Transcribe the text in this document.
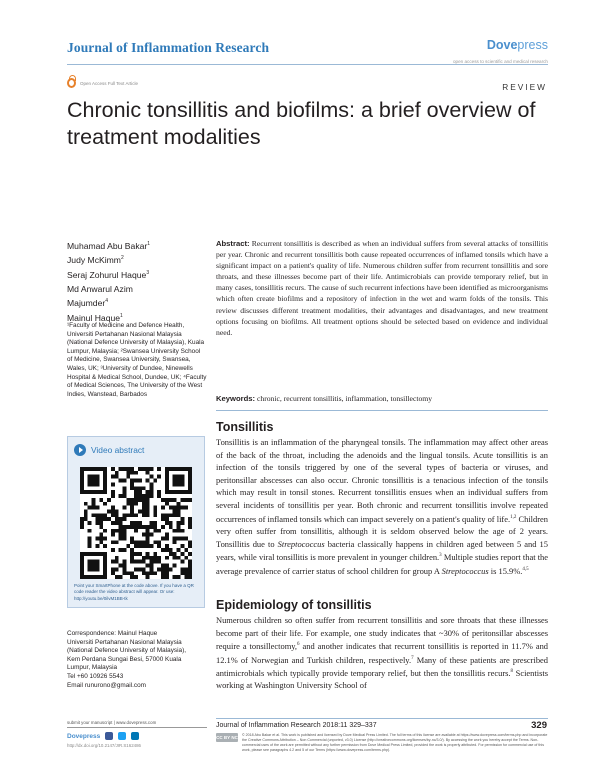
Journal of Inflammation Research	Dovepress
open access to scientific and medical research
Open Access Full Text Article	REVIEW
Chronic tonsillitis and biofilms: a brief overview of treatment modalities
Muhamad Abu Bakar$^1$
Judy McKimm$^2$
Seraj Zohurul Haque$^3$
Md Anwarul Azim
Majumder$^4$
Mainul Haque$^1$
¹Faculty of Medicine and Defence Health, Universiti Pertahanan Nasional Malaysia (National Defence University of Malaysia), Kuala Lumpur, Malaysia; ²Swansea University School of Medicine, Swansea University, Swansea, Wales, UK; ³University of Dundee, Ninewells Hospital & Medical School, Dundee, UK; ⁴Faculty of Medical Sciences, The University of the West Indies, Wanstead, Barbados
Video abstract
Point your SmartPhone at the code above. If you have a QR code reader the video abstract will appear. Or use: http://youtu.be/0ilvM1BB-tk
Correspondence: Mainul Haque
Universiti Pertahanan Nasional Malaysia
(National Defence University of Malaysia),
Kem Perdana Sungai Besi, 57000 Kuala
Lumpur, Malaysia
Tel +60 10926 5543
Email runurono@gmail.com
Abstract: Recurrent tonsillitis is described as when an individual suffers from several attacks of tonsillitis per year. Chronic and recurrent tonsillitis both cause repeated occurrences of inflamed tonsils which have a significant impact on a patient's quality of life. Numerous children suffer from recurrent tonsillitis and sore throats, and these illnesses become part of their life. Antimicrobials can provide temporary relief, but in many cases, tonsillitis recurs. The cause of such recurrent infections have been identified as microorganisms which often create biofilms and a repository of infection in the wet and warm folds of the tonsils. This review discusses different treatment modalities, their advantages and disadvantages, and new treatment options focusing on biofilms. All treatment options should be selected based on evidence and individual need.
Keywords: chronic, recurrent tonsillitis, inflammation, tonsillectomy
Tonsillitis
Tonsillitis is an inflammation of the pharyngeal tonsils. The inflammation may affect other areas of the back of the throat, including the adenoids and the lingual tonsils. Acute tonsillitis is an infection of the tonsils triggered by one of the several types of bacteria or viruses, and peritonsillar abscesses can also occur. Chronic tonsillitis is a tenacious infection of the tonsils which may result in tonsil stones. Recurrent tonsillitis ensues when an individual suffers from several incidents of tonsillitis per year. Both chronic and recurrent tonsillitis involve repeated occurrences of inflamed tonsils which can impact severely on a patient's quality of life.$^{1,2}$ Children very often suffer from tonsillitis, although it is seldom observed below the age of 2 years. Tonsillitis due to Streptococcus bacteria classically happens in children aged between 5 and 15 years, while viral tonsillitis is more prevalent in younger children.$^3$ Multiple studies report that the average prevalence of carrier status of school children for group A Streptococcus is 15.9%.$^{4,5}$
Epidemiology of tonsillitis
Numerous children so often suffer from recurrent tonsillitis and sore throats that these illnesses become part of their life. For example, one study indicates that ~30% of peritonsillar abscesses require a tonsillectomy,$^6$ and another indicates that recurrent tonsillitis is reported in 11.7% and 12.1% of Norwegian and Turkish children, respectively.$^7$ Many of these patients are prescribed antimicrobials which typically provide temporary relief, but then the tonsillitis recurs.$^8$ Scientists working at Washington University School of
submit your manuscript | www.dovepress.com
Dovepress
http://dx.doi.org/10.2147/JIR.S162486
Journal of Inflammation Research 2018:11 329–337	329
CC BY NC © 2018 Abu Bakar et al. This work is published and licensed by Dove Medical Press Limited. The full terms of this license are available at https://www.dovepress.com/terms.php and incorporate the Creative Commons Attribution – Non Commercial (unported, v3.0) License (http://creativecommons.org/licenses/by-nc/3.0/). By accessing the work you hereby accept the Terms. Non-commercial uses of the work are permitted without any further permission from Dove Medical Press Limited, provided the work is properly attributed. For permission for commercial use of this work, please see paragraphs 4.2 and 5 of our Terms (https://www.dovepress.com/terms.php).
